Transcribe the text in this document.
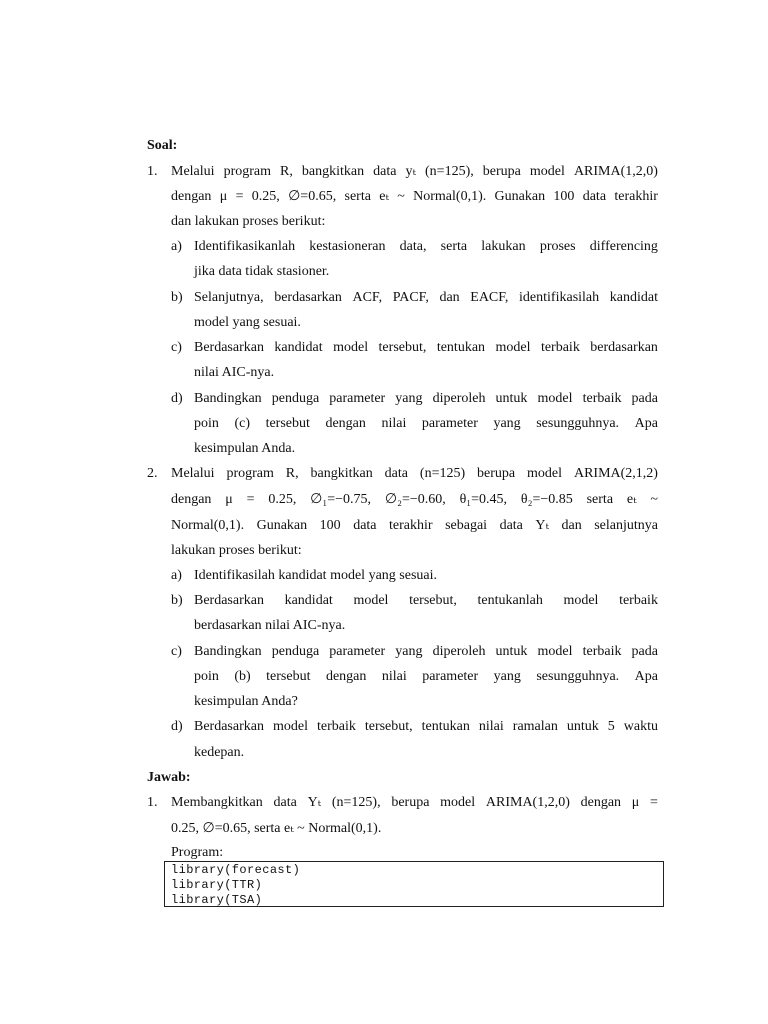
Soal:
1. Melalui program R, bangkitkan data yₜ (n=125), berupa model ARIMA(1,2,0)
dengan μ = 0.25, ∅=0.65, serta eₜ ~ Normal(0,1). Gunakan 100 data terakhir
dan lakukan proses berikut:
a) Identifikasikanlah kestasioneran data, serta lakukan proses differencing
jika data tidak stasioner.
b) Selanjutnya, berdasarkan ACF, PACF, dan EACF, identifikasilah kandidat
model yang sesuai.
c) Berdasarkan kandidat model tersebut, tentukan model terbaik berdasarkan
nilai AIC-nya.
d) Bandingkan penduga parameter yang diperoleh untuk model terbaik pada
poin (c) tersebut dengan nilai parameter yang sesungguhnya. Apa
kesimpulan Anda.
2. Melalui program R, bangkitkan data (n=125) berupa model ARIMA(2,1,2)
dengan μ = 0.25, ∅₁=−0.75, ∅₂=−0.60, θ₁=0.45, θ₂=−0.85 serta eₜ ~
Normal(0,1). Gunakan 100 data terakhir sebagai data Yₜ dan selanjutnya
lakukan proses berikut:
a) Identifikasilah kandidat model yang sesuai.
b) Berdasarkan kandidat model tersebut, tentukanlah model terbaik
berdasarkan nilai AIC-nya.
c) Bandingkan penduga parameter yang diperoleh untuk model terbaik pada
poin (b) tersebut dengan nilai parameter yang sesungguhnya. Apa
kesimpulan Anda?
d) Berdasarkan model terbaik tersebut, tentukan nilai ramalan untuk 5 waktu
kedepan.
Jawab:
1. Membangkitkan data Yₜ (n=125), berupa model ARIMA(1,2,0) dengan μ =
0.25, ∅=0.65, serta eₜ ~ Normal(0,1).
Program:
library(forecast)
library(TTR)
library(TSA)
